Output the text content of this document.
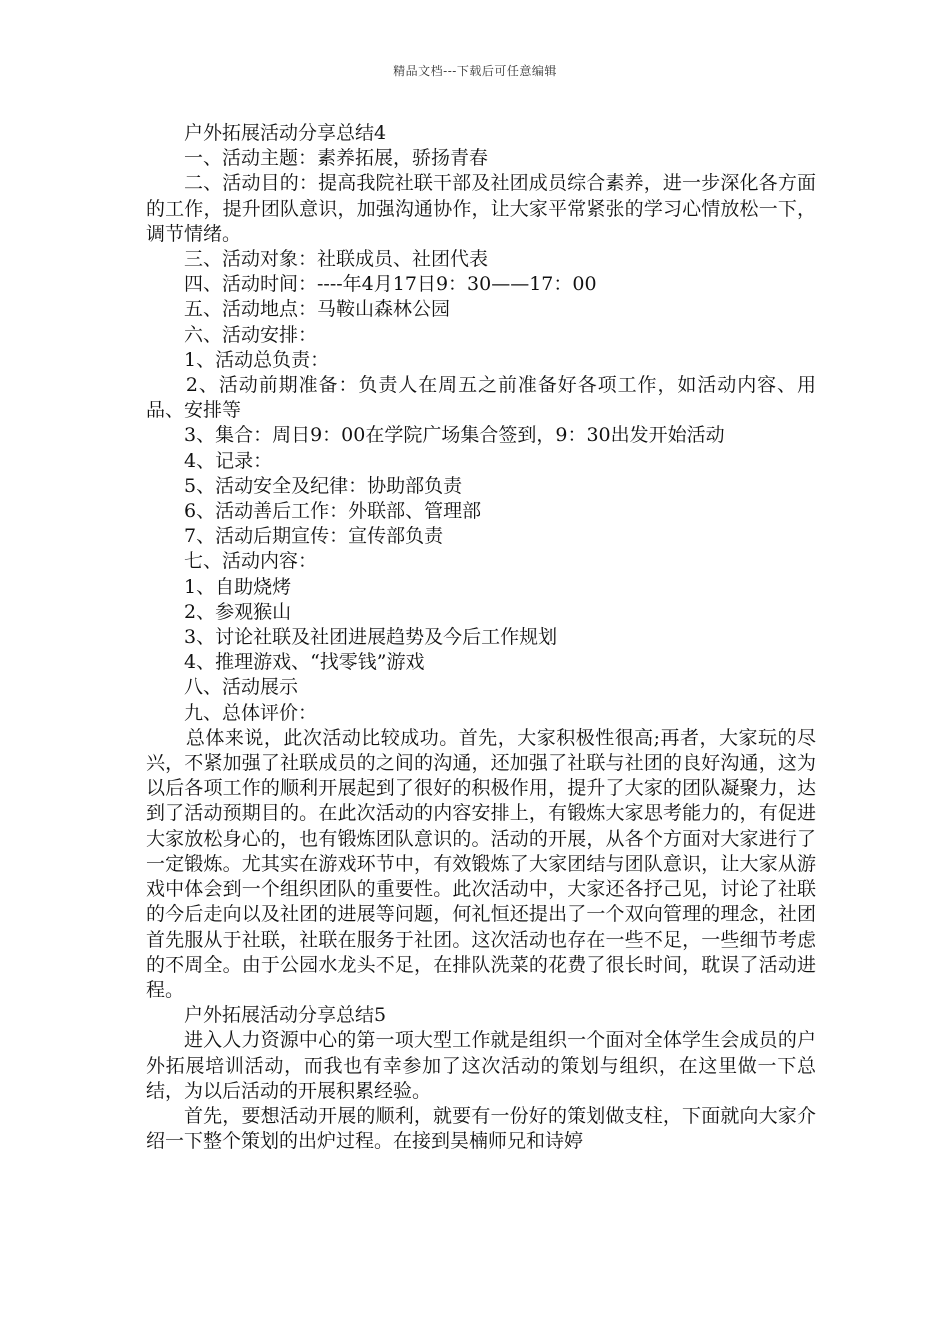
精品文档---下载后可任意编辑

户外拓展活动分享总结4

一、活动主题：素养拓展，骄扬青春

二、活动目的：提高我院社联干部及社团成员综合素养，进一步深化各方面的工作，提升团队意识，加强沟通协作，让大家平常紧张的学习心情放松一下，调节情绪。

三、活动对象：社联成员、社团代表

四、活动时间：----年4月17日9：30——17：00

五、活动地点：马鞍山森林公园

六、活动安排：

1、活动总负责：

2、活动前期准备：负责人在周五之前准备好各项工作，如活动内容、用品、安排等

3、集合：周日9：00在学院广场集合签到，9：30出发开始活动

4、记录：

5、活动安全及纪律：协助部负责

6、活动善后工作：外联部、管理部

7、活动后期宣传：宣传部负责

七、活动内容：

1、自助烧烤

2、参观猴山

3、讨论社联及社团进展趋势及今后工作规划

4、推理游戏、“找零钱”游戏

八、活动展示

九、总体评价：

总体来说，此次活动比较成功。首先，大家积极性很高;再者，大家玩的尽兴，不紧加强了社联成员的之间的沟通，还加强了社联与社团的良好沟通，这为以后各项工作的顺利开展起到了很好的积极作用，提升了大家的团队凝聚力，达到了活动预期目的。在此次活动的内容安排上，有锻炼大家思考能力的，有促进大家放松身心的，也有锻炼团队意识的。活动的开展，从各个方面对大家进行了一定锻炼。尤其实在游戏环节中，有效锻炼了大家团结与团队意识，让大家从游戏中体会到一个组织团队的重要性。此次活动中，大家还各抒己见，讨论了社联的今后走向以及社团的进展等问题，何礼恒还提出了一个双向管理的理念，社团首先服从于社联，社联在服务于社团。这次活动也存在一些不足，一些细节考虑的不周全。由于公园水龙头不足，在排队洗菜的花费了很长时间，耽误了活动进程。

户外拓展活动分享总结5

进入人力资源中心的第一项大型工作就是组织一个面对全体学生会成员的户外拓展培训活动，而我也有幸参加了这次活动的策划与组织，在这里做一下总结，为以后活动的开展积累经验。

首先，要想活动开展的顺利，就要有一份好的策划做支柱，下面就向大家介绍一下整个策划的出炉过程。在接到昊楠师兄和诗婷
